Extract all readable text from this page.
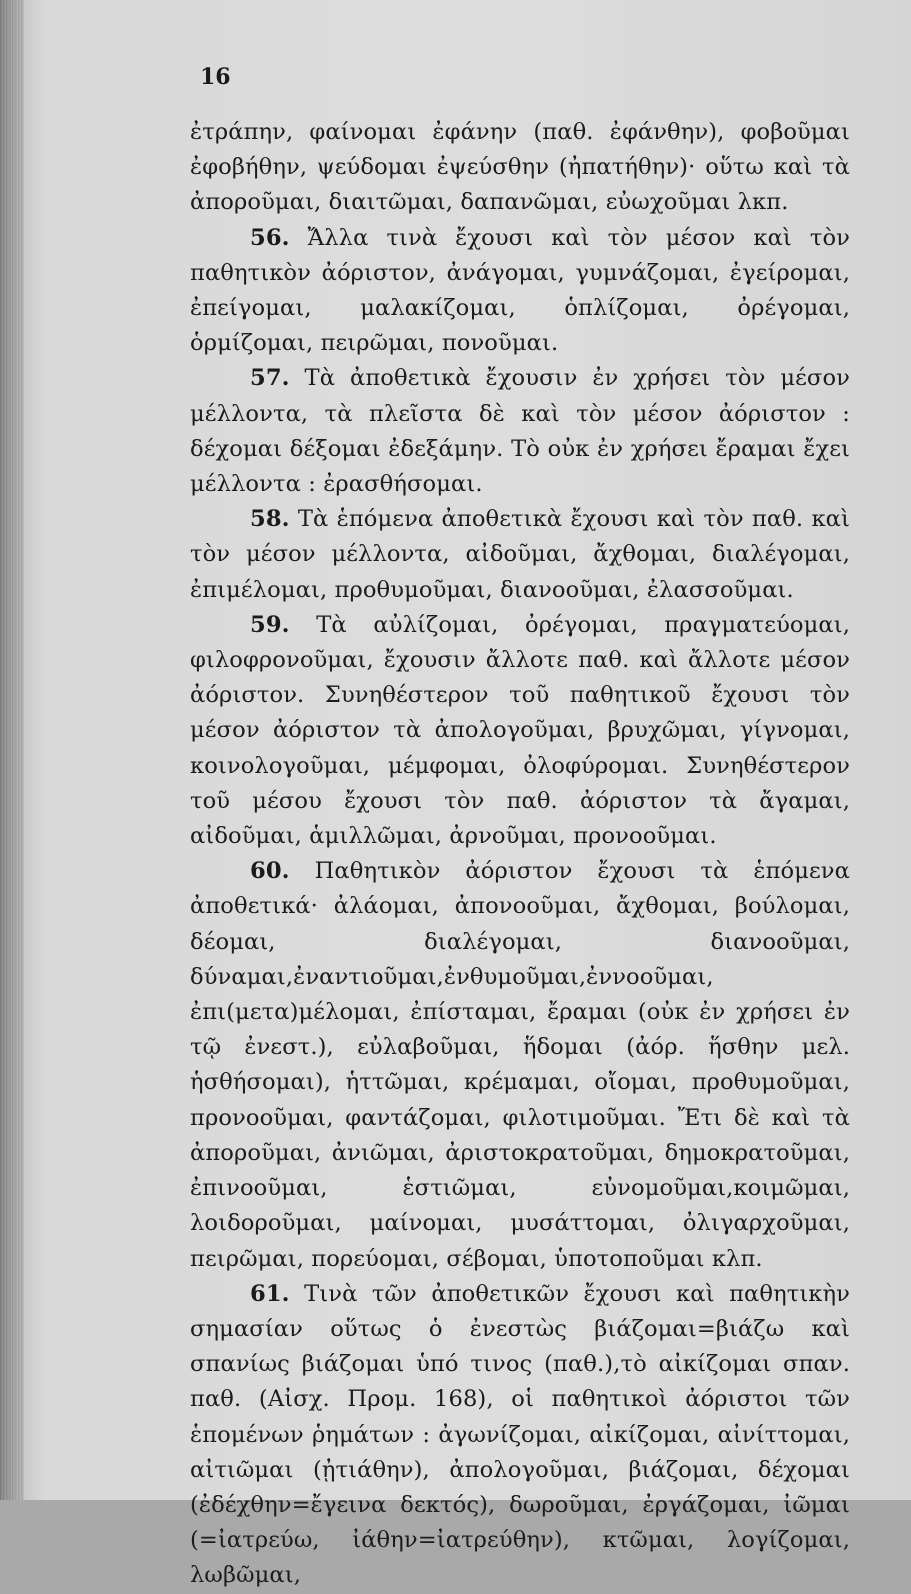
16

ἐτράπην, φαίνομαι ἐφάνην (παθ. ἐφάνθην), φοβοῦμαι ἐφοβήθην, ψεύδομαι ἐψεύσθην (ἠπατήθην)· οὕτω καὶ τὰ ἀποροῦμαι, διαιτῶμαι, δαπανῶμαι, εὐωχοῦμαι λκπ.

56. Ἄλλα τινὰ ἔχουσι καὶ τὸν μέσον καὶ τὸν παθητικὸν ἀόριστον, ἀνάγομαι, γυμνάζομαι, ἐγείρομαι, ἐπείγομαι, μαλακίζομαι, ὁπλίζομαι, ὀρέγομαι, ὁρμίζομαι, πειρῶμαι, πονοῦμαι.

57. Τὰ ἀποθετικὰ ἔχουσιν ἐν χρήσει τὸν μέσον μέλλοντα, τὰ πλεῖστα δὲ καὶ τὸν μέσον ἀόριστον : δέχομαι δέξομαι ἐδεξάμην. Τὸ οὐκ ἐν χρήσει ἔραμαι ἔχει μέλλοντα : ἐρασθήσομαι.

58. Τὰ ἑπόμενα ἀποθετικὰ ἔχουσι καὶ τὸν παθ. καὶ τὸν μέσον μέλλοντα, αἰδοῦμαι, ἄχθομαι, διαλέγομαι, ἐπιμέλομαι, προθυμοῦμαι, διανοοῦμαι, ἐλασσοῦμαι.

59. Τὰ αὐλίζομαι, ὀρέγομαι, πραγματεύομαι, φιλοφρονοῦμαι, ἔχουσιν ἄλλοτε παθ. καὶ ἄλλοτε μέσον ἀόριστον. Συνηθέστερον τοῦ παθητικοῦ ἔχουσι τὸν μέσον ἀόριστον τὰ ἀπολογοῦμαι, βρυχῶμαι, γίγνομαι, κοινολογοῦμαι, μέμφομαι, ὀλοφύρομαι. Συνηθέστερον τοῦ μέσου ἔχουσι τὸν παθ. ἀόριστον τὰ ἄγαμαι, αἰδοῦμαι, ἁμιλλῶμαι, ἀρνοῦμαι, προνοοῦμαι.

60. Παθητικὸν ἀόριστον ἔχουσι τὰ ἑπόμενα ἀποθετικά· ἀλάομαι, ἀπονοοῦμαι, ἄχθομαι, βούλομαι, δέομαι, διαλέγομαι, διανοοῦμαι, δύναμαι,ἐναντιοῦμαι,ἐνθυμοῦμαι,ἐννοοῦμαι, ἐπι(μετα)μέλομαι, ἐπίσταμαι, ἔραμαι (οὐκ ἐν χρήσει ἐν τῷ ἐνεστ.), εὐλαβοῦμαι, ἥδομαι (ἀόρ. ἥσθην μελ. ἡσθήσομαι), ἡττῶμαι, κρέμαμαι, οἴομαι, προθυμοῦμαι, προνοοῦμαι, φαντάζομαι, φιλοτιμοῦμαι. Ἔτι δὲ καὶ τὰ ἀποροῦμαι, ἀνιῶμαι, ἀριστοκρατοῦμαι, δημοκρατοῦμαι, ἐπινοοῦμαι, ἑστιῶμαι, εὐνομοῦμαι,κοιμῶμαι, λοιδοροῦμαι, μαίνομαι, μυσάττομαι, ὀλιγαρχοῦμαι, πειρῶμαι, πορεύομαι, σέβομαι, ὑποτοποῦμαι κλπ.

61. Τινὰ τῶν ἀποθετικῶν ἔχουσι καὶ παθητικὴν σημασίαν οὕτως ὁ ἐνεστὼς βιάζομαι=βιάζω καὶ σπανίως βιάζομαι ὑπό τινος (παθ.),τὸ αἰκίζομαι σπαν. παθ. (Αἰσχ. Προμ. 168), οἱ παθητικοὶ ἀόριστοι τῶν ἑπομένων ῥημάτων : ἀγωνίζομαι, αἰκίζομαι, αἰνίττομαι, αἰτιῶμαι (ᾐτιάθην), ἀπολογοῦμαι, βιάζομαι, δέχομαι (ἐδέχθην=ἔγεινα δεκτός), δωροῦμαι, ἐργάζομαι, ἰῶμαι (=ἰατρεύω, ἰάθην=ἰατρεύθην), κτῶμαι, λογίζομαι, λωβῶμαι,
